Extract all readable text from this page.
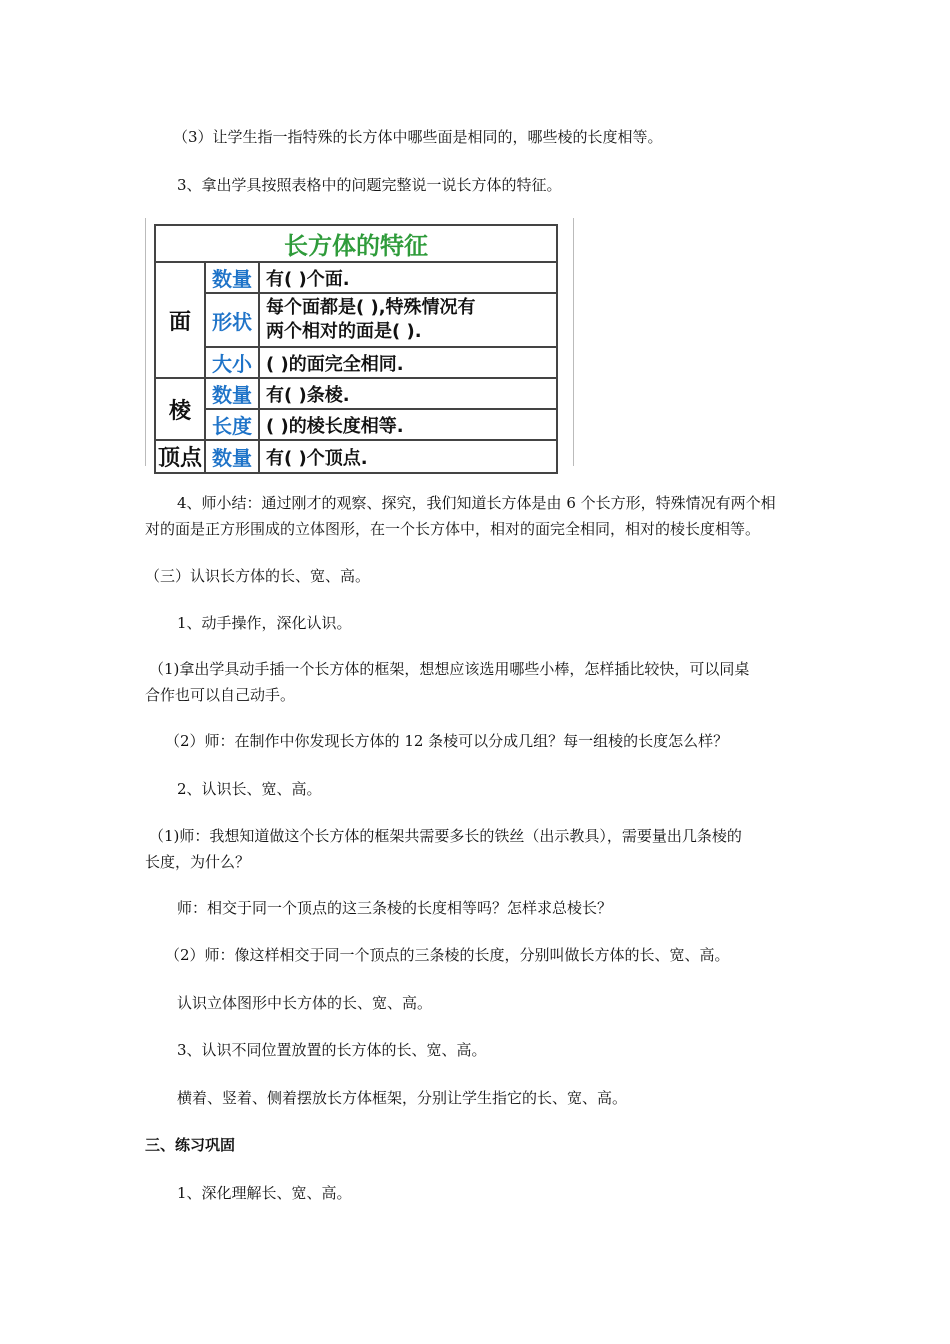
（3）让学生指一指特殊的长方体中哪些面是相同的，哪些棱的长度相等。
3、拿出学具按照表格中的问题完整说一说长方体的特征。
长方体的特征		
面	数量	有( )个面.
	形状	每个面都是( ),特殊情况有
两个相对的面是( ).

	大小	( )的面完全相同.
棱	数量	有( )条棱.
	长度	( )的棱长度相等.
顶点	数量	有( )个顶点.
4、师小结：通过刚才的观察、探究，我们知道长方体是由 6 个长方形，特殊情况有两个相
对的面是正方形围成的立体图形，在一个长方体中，相对的面完全相同，相对的棱长度相等。
（三）认识长方体的长、宽、高。
1、动手操作，深化认识。
（1)拿出学具动手插一个长方体的框架，想想应该选用哪些小棒，怎样插比较快，可以同桌
合作也可以自己动手。
（2）师：在制作中你发现长方体的 12 条棱可以分成几组？每一组棱的长度怎么样？
2、认识长、宽、高。
（1)师：我想知道做这个长方体的框架共需要多长的铁丝（出示教具），需要量出几条棱的
长度，为什么？
师：相交于同一个顶点的这三条棱的长度相等吗？怎样求总棱长？
（2）师：像这样相交于同一个顶点的三条棱的长度，分别叫做长方体的长、宽、高。
认识立体图形中长方体的长、宽、高。
3、认识不同位置放置的长方体的长、宽、高。
横着、竖着、侧着摆放长方体框架，分别让学生指它的长、宽、高。
三、练习巩固
1、深化理解长、宽、高。
